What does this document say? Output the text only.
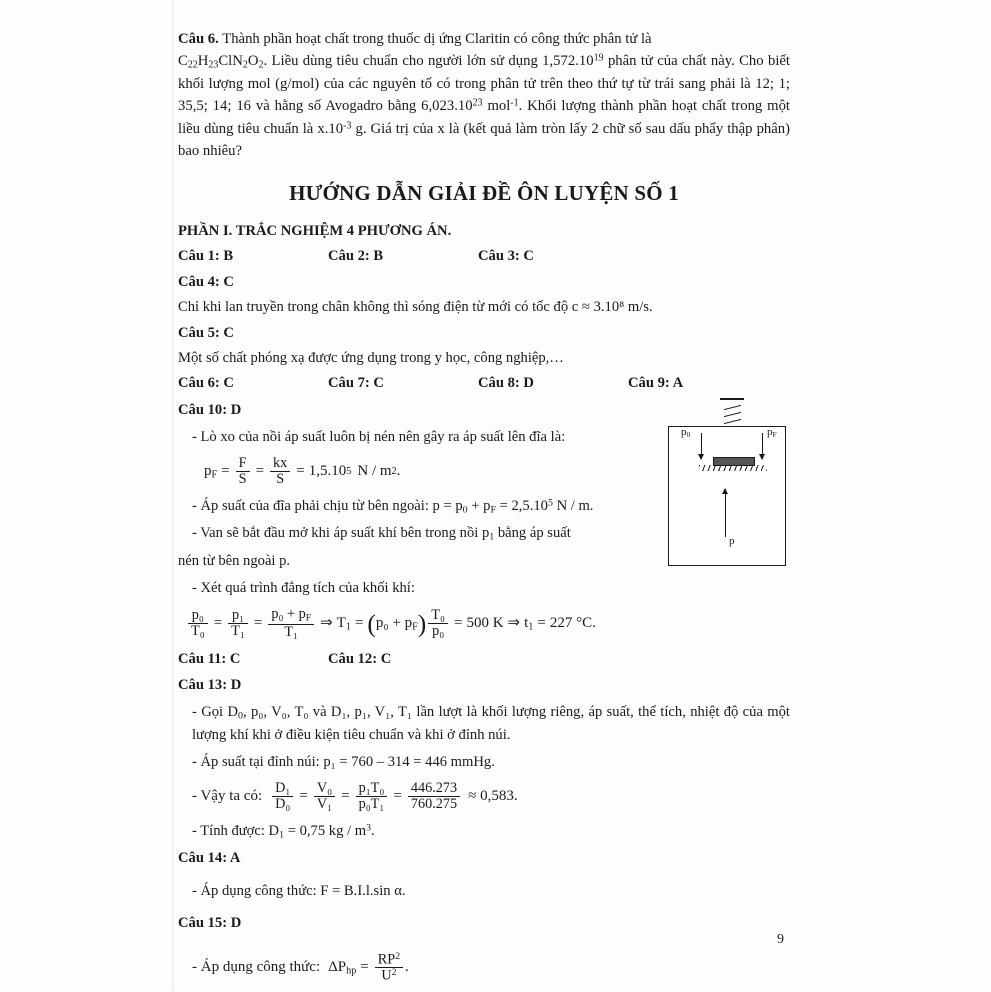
Câu 6. Thành phần hoạt chất trong thuốc dị ứng Claritin có công thức phân tử là
$C_{22}H_{23}ClN_2O_2$. Liều dùng tiêu chuẩn cho người lớn sử dụng 1,572.10$^{19}$ phân tử của chất này. Cho biết khối lượng mol (g/mol) của các nguyên tố có trong phân tử trên theo thứ tự từ trái sang phải là 12; 1; 35,5; 14; 16 và hằng số Avogadro bằng 6,023.10$^{23}$ mol$^{-1}$. Khối lượng thành phần hoạt chất trong một liều dùng tiêu chuẩn là $x.10^{-3}$ g. Giá trị của x là (kết quả làm tròn lấy 2 chữ số sau dấu phẩy thập phân) bao nhiêu?

HƯỚNG DẪN GIẢI ĐỀ ÔN LUYỆN SỐ 1
PHẦN I. TRẮC NGHIỆM 4 PHƯƠNG ÁN.
Câu 1: B	Câu 2: B	Câu 3: C
Câu 4: C
Chỉ khi lan truyền trong chân không thì sóng điện từ mới có tốc độ c ≈ 3.10⁸ m/s.
Câu 5: C
Một số chất phóng xạ được ứng dụng trong y học, công nghiệp,…
Câu 6: C	Câu 7: C	Câu 8: D	Câu 9: A
Câu 10: D
- Lò xo của nồi áp suất luôn bị nén nên gây ra áp suất lên đĩa là:
$p_F = \frac{F}{S} = \frac{kx}{S} = 1,5.10$ 5 N / m 2 .
- Áp suất của đĩa phải chịu từ bên ngoài: $p = p_0 + p_F = 2,5.10^5$ N / m.
- Van sẽ bắt đầu mở khi áp suất khí bên trong nồi $p_1$ bằng áp suất
nén từ bên ngoài p.
- Xét quá trình đẳng tích của khối khí:
$\frac{\text{p₀}}{\text{T₀}} = \frac{\text{p₁}}{\text{T₁}} = \frac{p_0 + p_F}{\text{T₁}}$ ⇒ $T_1$ = ( $p_0 + p_F$ ) $\frac{\text{T₀}}{\text{p₀}} = 500$ K ⇒ $t_1 = 227$ °C.
Câu 11: C	Câu 12: C
Câu 13: D
- Gọi $D_0$, p₀, V₀, T₀ và D₁, p₁, V₁, T₁ lần lượt là khối lượng riêng, áp suất, thể tích, nhiệt độ của một lượng khí khi ở điều kiện tiêu chuẩn và khi ở đỉnh núi.
- Áp suất tại đỉnh núi: p₁ = 760 – 314 = 446 mmHg.
- Vậy ta có: $\frac{\text{D₁}}{\text{D₀}} = \frac{\text{V₀}}{\text{V₁}} = \frac{\text{p₁T₀}}{\text{p₀T₁}} = \frac{446.273}{760.275} \approx 0,583$.
- Tính được: $D_1 = 0,75$ kg / $m^3$.
Câu 14: A
- Áp dụng công thức: F = B.I.l.sin α.
Câu 15: D
- Áp dụng công thức: $\Delta P_{hp} = \frac{RP^2}{U^2}$ .
$p_0$	$p_F$
p
9
